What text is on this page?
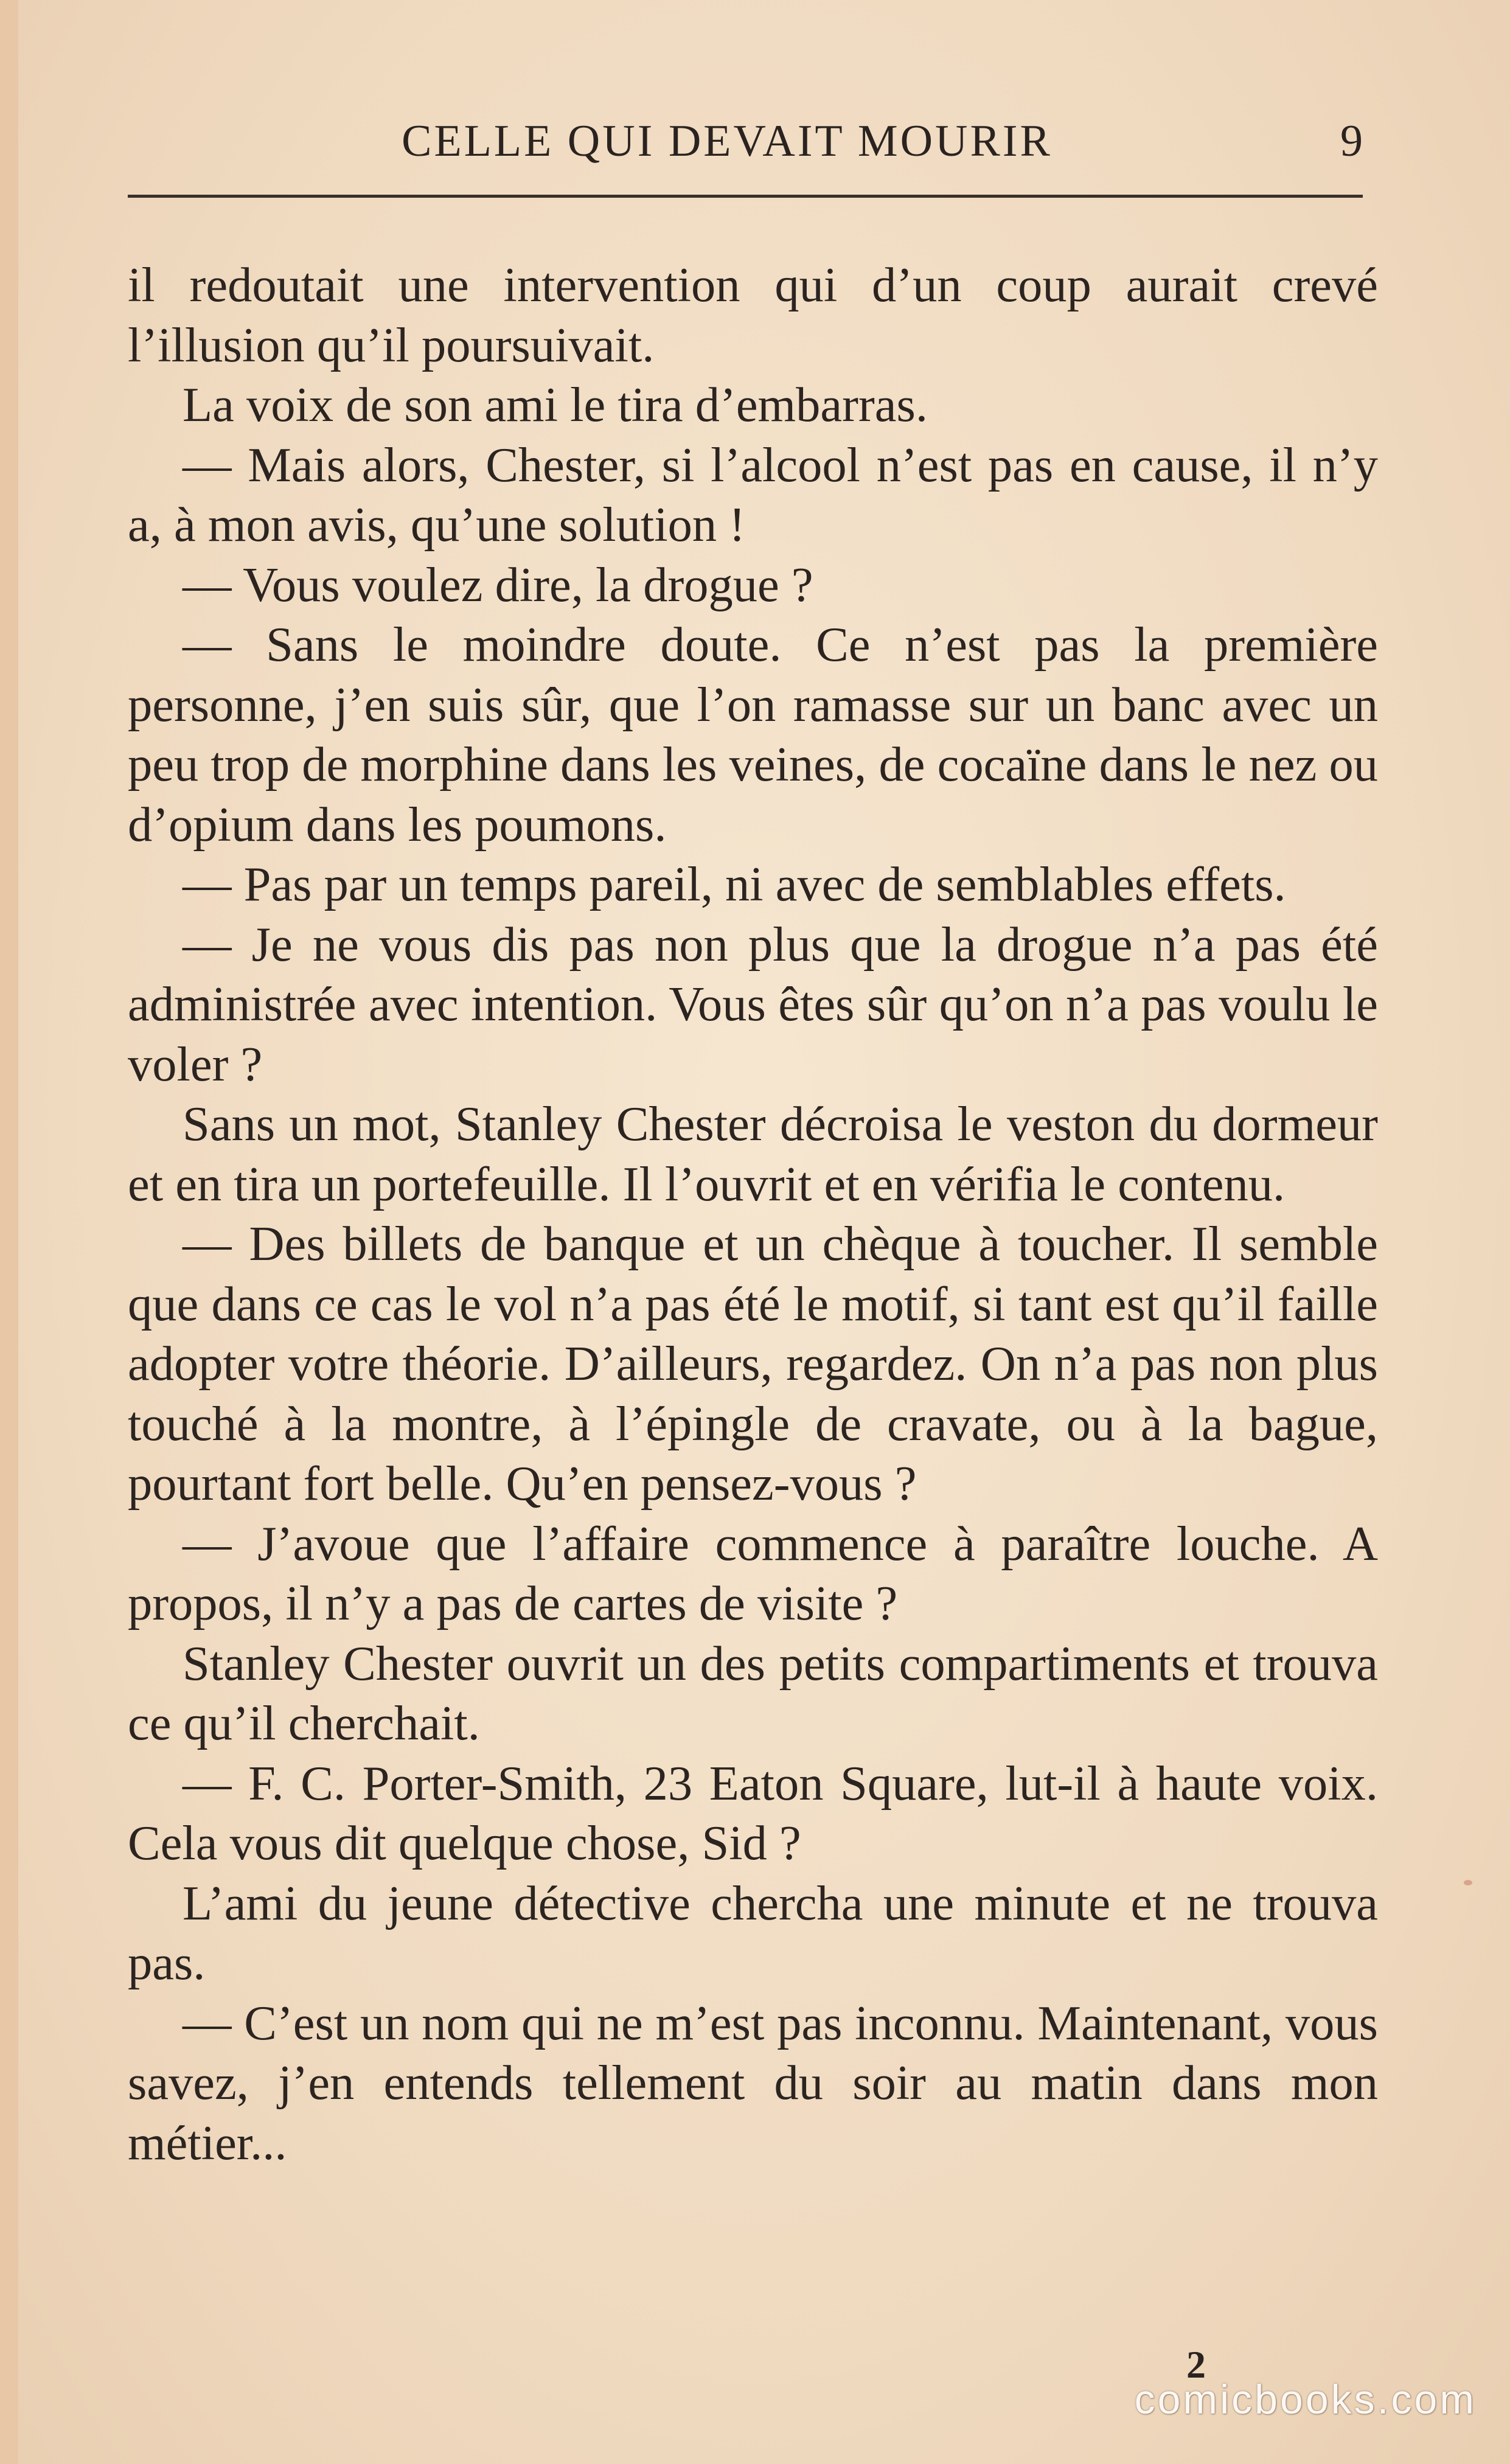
CELLE QUI DEVAIT MOURIR	9

il redoutait une intervention qui d’un coup aurait crevé l’illusion qu’il poursuivait.

La voix de son ami le tira d’embarras.

— Mais alors, Chester, si l’alcool n’est pas en cause, il n’y a, à mon avis, qu’une solution !

— Vous voulez dire, la drogue ?

— Sans le moindre doute. Ce n’est pas la première personne, j’en suis sûr, que l’on ramasse sur un banc avec un peu trop de morphine dans les veines, de cocaïne dans le nez ou d’opium dans les poumons.

— Pas par un temps pareil, ni avec de semblables effets.

— Je ne vous dis pas non plus que la drogue n’a pas été administrée avec intention. Vous êtes sûr qu’on n’a pas voulu le voler ?

Sans un mot, Stanley Chester décroisa le veston du dormeur et en tira un portefeuille. Il l’ouvrit et en vérifia le contenu.

— Des billets de banque et un chèque à toucher. Il semble que dans ce cas le vol n’a pas été le motif, si tant est qu’il faille adopter votre théorie. D’ailleurs, regardez. On n’a pas non plus touché à la montre, à l’épingle de cravate, ou à la bague, pourtant fort belle. Qu’en pensez-vous ?

— J’avoue que l’affaire commence à paraître louche. A propos, il n’y a pas de cartes de visite ?

Stanley Chester ouvrit un des petits compartiments et trouva ce qu’il cherchait.

— F. C. Porter-Smith, 23 Eaton Square, lut-il à haute voix. Cela vous dit quelque chose, Sid ?

L’ami du jeune détective chercha une minute et ne trouva pas.

— C’est un nom qui ne m’est pas inconnu. Maintenant, vous savez, j’en entends tellement du soir au matin dans mon métier...

2
comicbooks.com
